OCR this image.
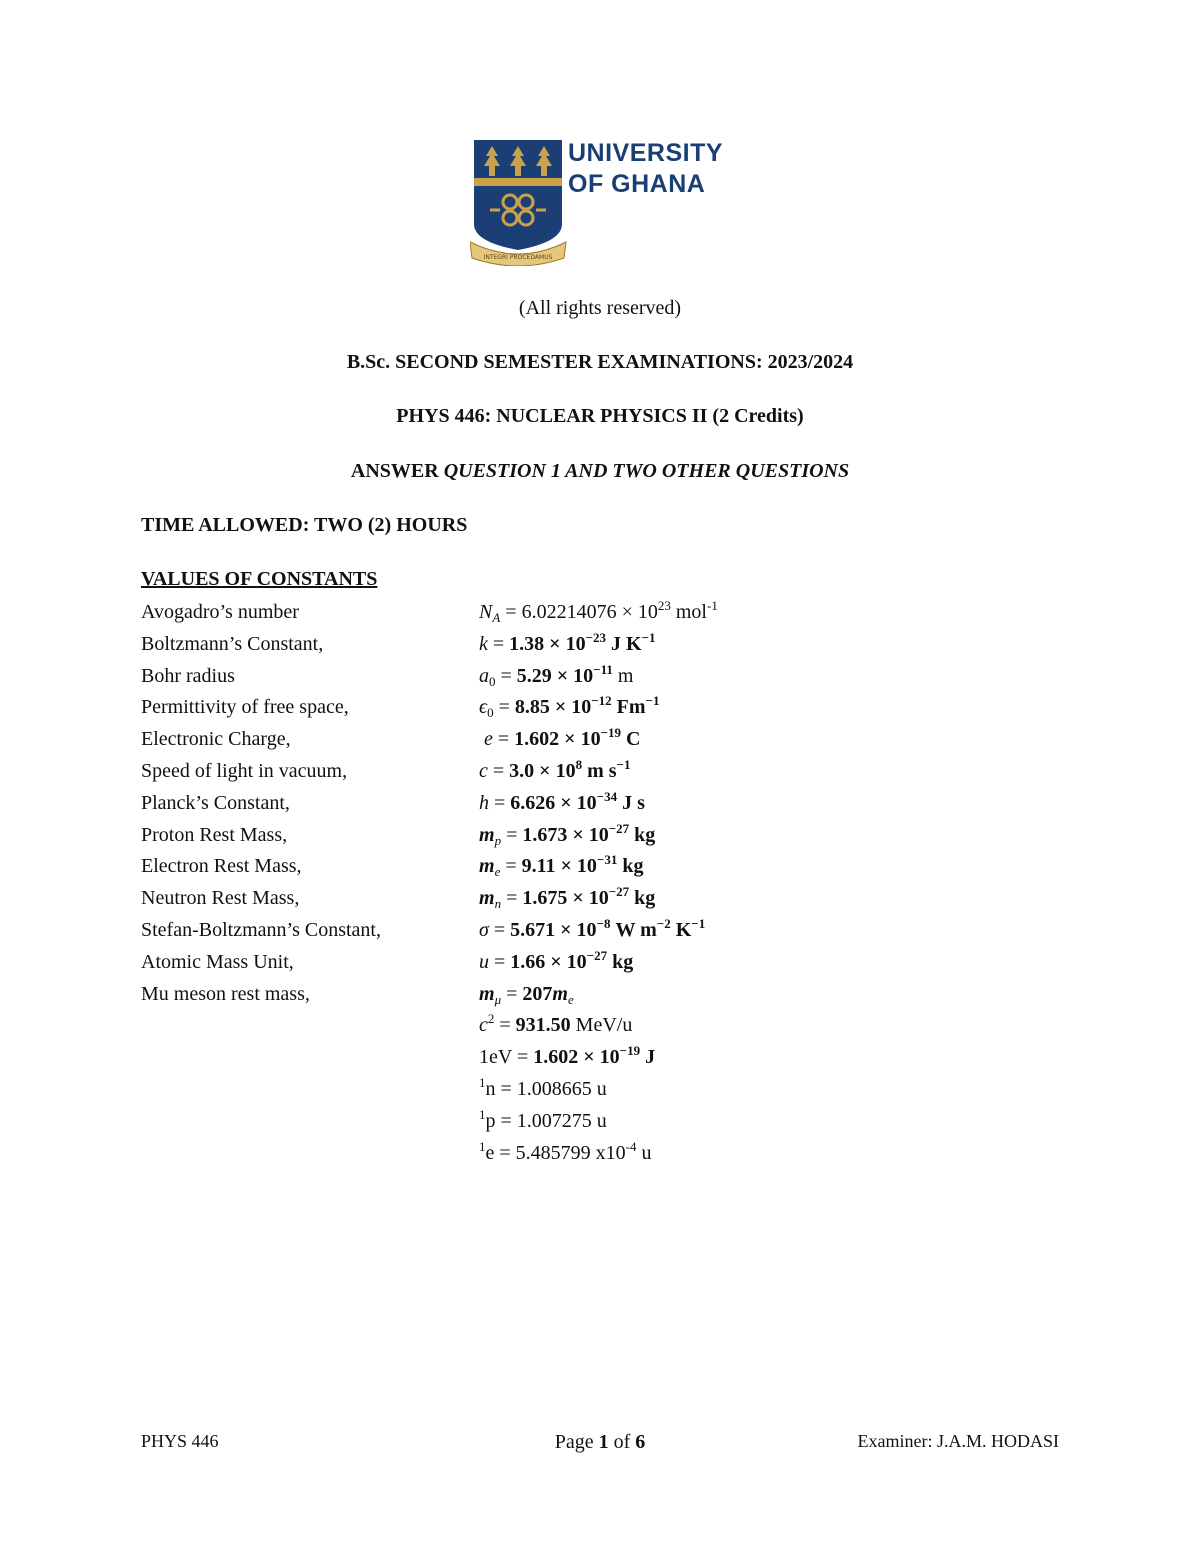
INTEGRI PROCEDAMUS
UNIVERSITY
OF GHANA
(All rights reserved)
B.Sc. SECOND SEMESTER EXAMINATIONS: 2023/2024
PHYS 446: NUCLEAR PHYSICS II (2 Credits)
ANSWER QUESTION 1 AND TWO OTHER QUESTIONS
TIME ALLOWED: TWO (2) HOURS
VALUES OF CONSTANTS
Avogadro’s number
Boltzmann’s Constant,
Bohr radius
Permittivity of free space,
Electronic Charge,
Speed of light in vacuum,
Planck’s Constant,
Proton Rest Mass,
Electron Rest Mass,
Neutron Rest Mass,
Stefan-Boltzmann’s Constant,
Atomic Mass Unit,
Mu meson rest mass,
$N_A = 6.02214076 \times 10^{23}$ mol$^{-1}$
$k = 1.38 \times 10^{-23}$ J $K^{-1}$
$a_0 = 5.29 \times 10^{-11}$ m
$\epsilon_0 = 8.85 \times 10^{-12}$ $Fm^{-1}$
$e = 1.602 \times 10^{-19}$ C
$c = 3.0 \times 10^8$ m $s^{-1}$
$h = 6.626 \times 10^{-34}$ J s
$m_p = 1.673 \times 10^{-27}$ kg
$m_e = 9.11 \times 10^{-31}$ kg
$m_n = 1.675 \times 10^{-27}$ kg
$\sigma = 5.671 \times 10^{-8}$ W $m^{-2}$ $K^{-1}$
$u = 1.66 \times 10^{-27}$ kg
$m_\mu = 207m_e$
$c^2 = 931.50$ MeV/u
$1eV = 1.602 \times 10^{-19}$ J
$^1$n = 1.008665 u
$^1$p = 1.007275 u
$^1$e = 5.485799 $x10^{-4}$ u
PHYS 446	Page 1 of 6	Examiner: J.A.M. HODASI
